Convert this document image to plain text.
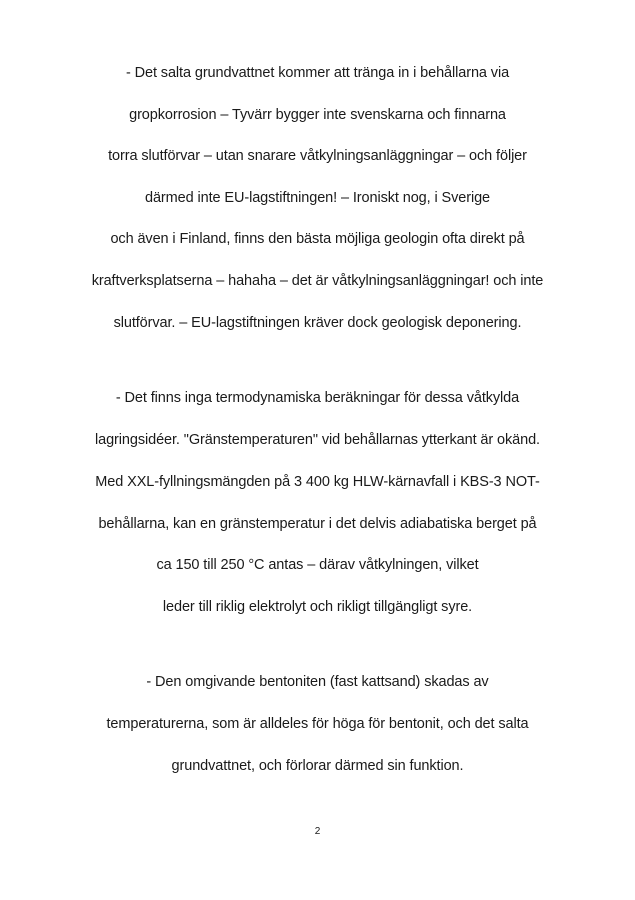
- Det salta grundvattnet kommer att tränga in i behållarna via
gropkorrosion – Tyvärr bygger inte svenskarna och finnarna
torra slutförvar – utan snarare våtkylningsanläggningar – och följer
därmed inte EU-lagstiftningen! – Ironiskt nog, i Sverige
och även i Finland, finns den bästa möjliga geologin ofta direkt på
kraftverksplatserna – hahaha – det är våtkylningsanläggningar! och inte
slutförvar. – EU-lagstiftningen kräver dock geologisk deponering.
- Det finns inga termodynamiska beräkningar för dessa våtkylda
lagringsidéer. "Gränstemperaturen" vid behållarnas ytterkant är okänd.
Med XXL-fyllningsmängden på 3 400 kg HLW-kärnavfall i KBS-3 NOT-
behållarna, kan en gränstemperatur i det delvis adiabatiska berget på
ca 150 till 250 °C antas – därav våtkylningen, vilket
leder till riklig elektrolyt och rikligt tillgängligt syre.
- Den omgivande bentoniten (fast kattsand) skadas av
temperaturerna, som är alldeles för höga för bentonit, och det salta
grundvattnet, och förlorar därmed sin funktion.
2
